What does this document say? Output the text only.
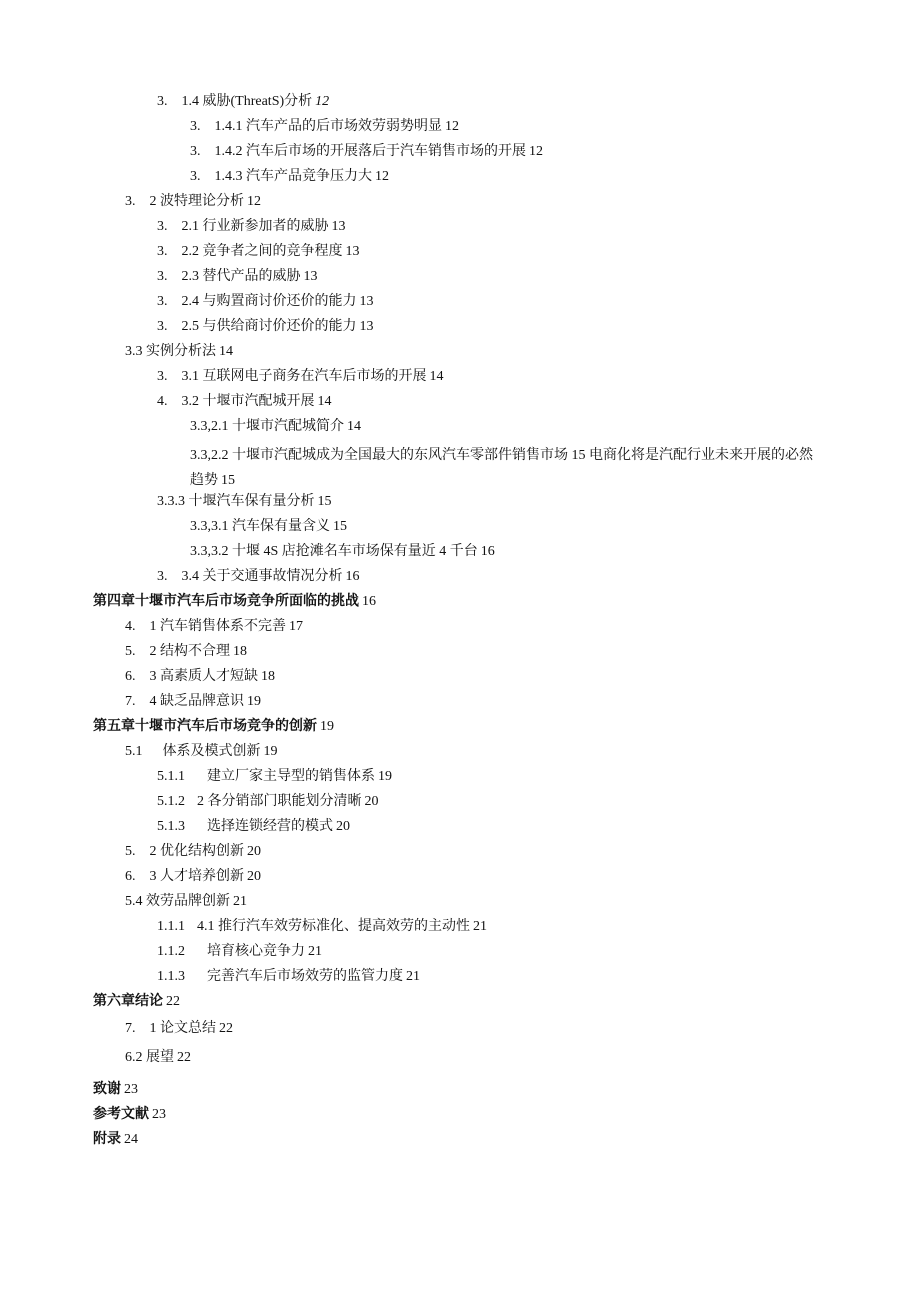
3. 1.4 威胁(ThreatS)分析 12

3. 1.4.1 汽车产品的后市场效劳弱势明显 12

3. 1.4.2 汽车后市场的开展落后于汽车销售市场的开展 12

3. 1.4.3 汽车产品竞争压力大 12

3. 2 波特理论分析 12

3. 2.1 行业新参加者的威胁 13

3. 2.2 竞争者之间的竞争程度 13

3. 2.3 替代产品的威胁 13

3. 2.4 与购置商讨价还价的能力 13

3. 2.5 与供给商讨价还价的能力 13

3.3 实例分析法 14

3. 3.1 互联网电子商务在汽车后市场的开展 14

4. 3.2 十堰市汽配城开展 14

3.3,2.1 十堰市汽配城简介 14

3.3,2.2 十堰市汽配城成为全国最大的东风汽车零部件销售市场 15 电商化将是汽配行业未来开展的必然趋势 15

3.3.3 十堰汽车保有量分析 15

3.3,3.1 汽车保有量含义 15

3.3,3.2 十堰 4S 店抢滩名车市场保有量近 4 千台 16

3. 3.4 关于交通事故情况分析 16

第四章十堰市汽车后市场竞争所面临的挑战 16

4. 1 汽车销售体系不完善 17

5. 2 结构不合理 18

6. 3 高素质人才短缺 18

7. 4 缺乏品牌意识 19

第五章十堰市汽车后市场竞争的创新 19

5.1 体系及模式创新 19

5.1.1 建立厂家主导型的销售体系 19

5.1.2 2 各分销部门职能划分清晰 20

5.1.3 选择连锁经营的模式 20

5. 2 优化结构创新 20

6. 3 人才培养创新 20

5.4 效劳品牌创新 21

1.1.1 4.1 推行汽车效劳标准化、提高效劳的主动性 21

1.1.2 培育核心竞争力 21

1.1.3 完善汽车后市场效劳的监管力度 21

第六章结论 22

7. 1 论文总结 22

6.2 展望 22

致谢 23

参考文献 23

附录 24
